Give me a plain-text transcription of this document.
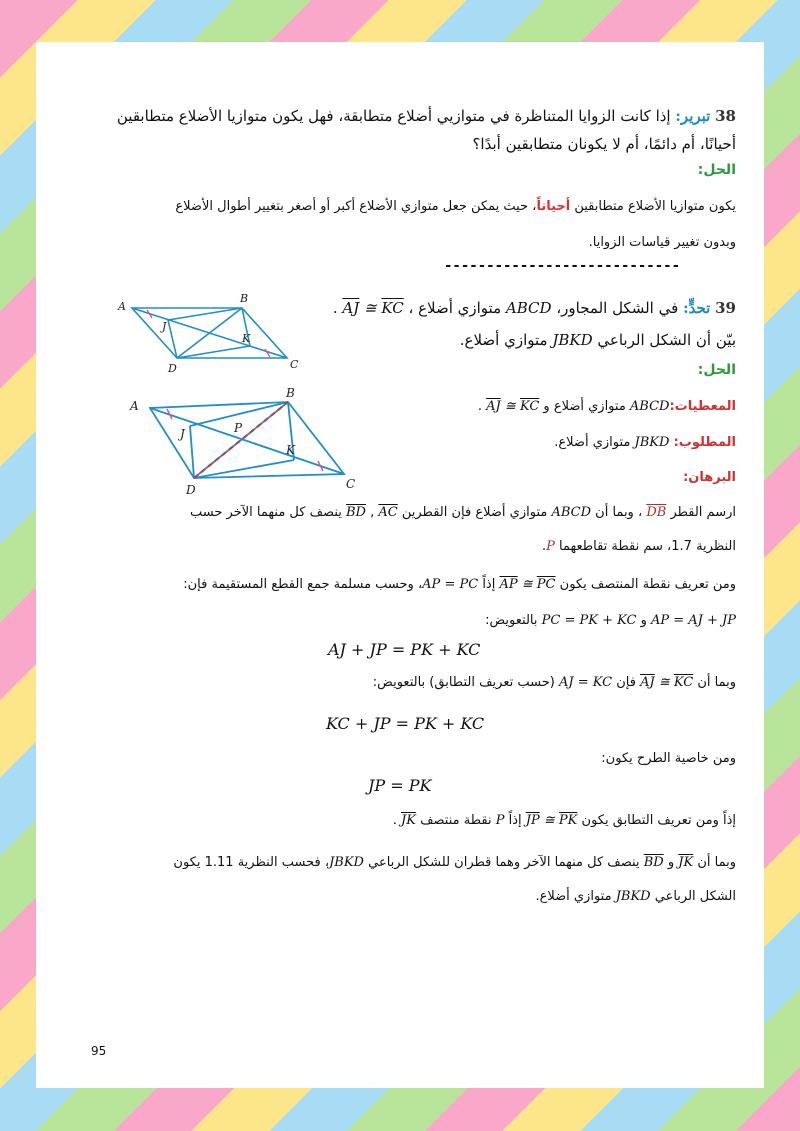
38 تبرير: إذا كانت الزوايا المتناظرة في متوازيي أضلاع متطابقة، فهل يكون متوازيا الأضلاع متطابقين
أحيانًا، أم دائمًا، أم لا يكونان متطابقين أبدًا؟
الحل:
يكون متوازيا الأضلاع متطابقين أحياناً، حيث يمكن جعل متوازي الأضلاع أكبر أو أصغر بتغيير أطوال الأضلاع
وبدون تغيير قياسات الزوايا.
----------------------------
A
B
C
D
J
K
39 تحدٍّ: في الشكل المجاور، ABCD متوازي أضلاع ، $\overline{AJ}$ ≅ $\overline{KC}$ .
بيّن أن الشكل الرباعي JBKD متوازي أضلاع.
الحل:
A
B
C
D
J
K
P
المعطيات:ABCD متوازي أضلاع و $\overline{AJ}$ ≅ $\overline{KC}$ .
المطلوب: JBKD متوازي أضلاع.
البرهان:
ارسم القطر DB ، وبما أن ABCD متوازي أضلاع فإن القطرين BD , AC ينصف كل منهما الآخر حسب
النظرية 1.7، سم نقطة تقاطعهما P.
ومن تعريف نقطة المنتصف يكون $\overline{AP}$ ≅ $\overline{PC}$ إذاً AP = PC، وحسب مسلمة جمع القطع المستقيمة فإن:
AP = AJ + JP و PC = PK + KC بالتعويض:
AJ + JP = PK + KC
وبما أن $\overline{AJ}$ ≅ $\overline{KC}$ فإن AJ = KC (حسب تعريف التطابق) بالتعويض:
KC + JP = PK + KC
ومن خاصية الطرح يكون:
JP = PK
إذاً ومن تعريف التطابق يكون $\overline{JP}$ ≅ $\overline{PK}$ إذاً P نقطة منتصف JK .
وبما أن JK و BD ينصف كل منهما الآخر وهما قطران للشكل الرباعي JBKD، فحسب النظرية 1.11 يكون
الشكل الرباعي JBKD متوازي أضلاع.
95
